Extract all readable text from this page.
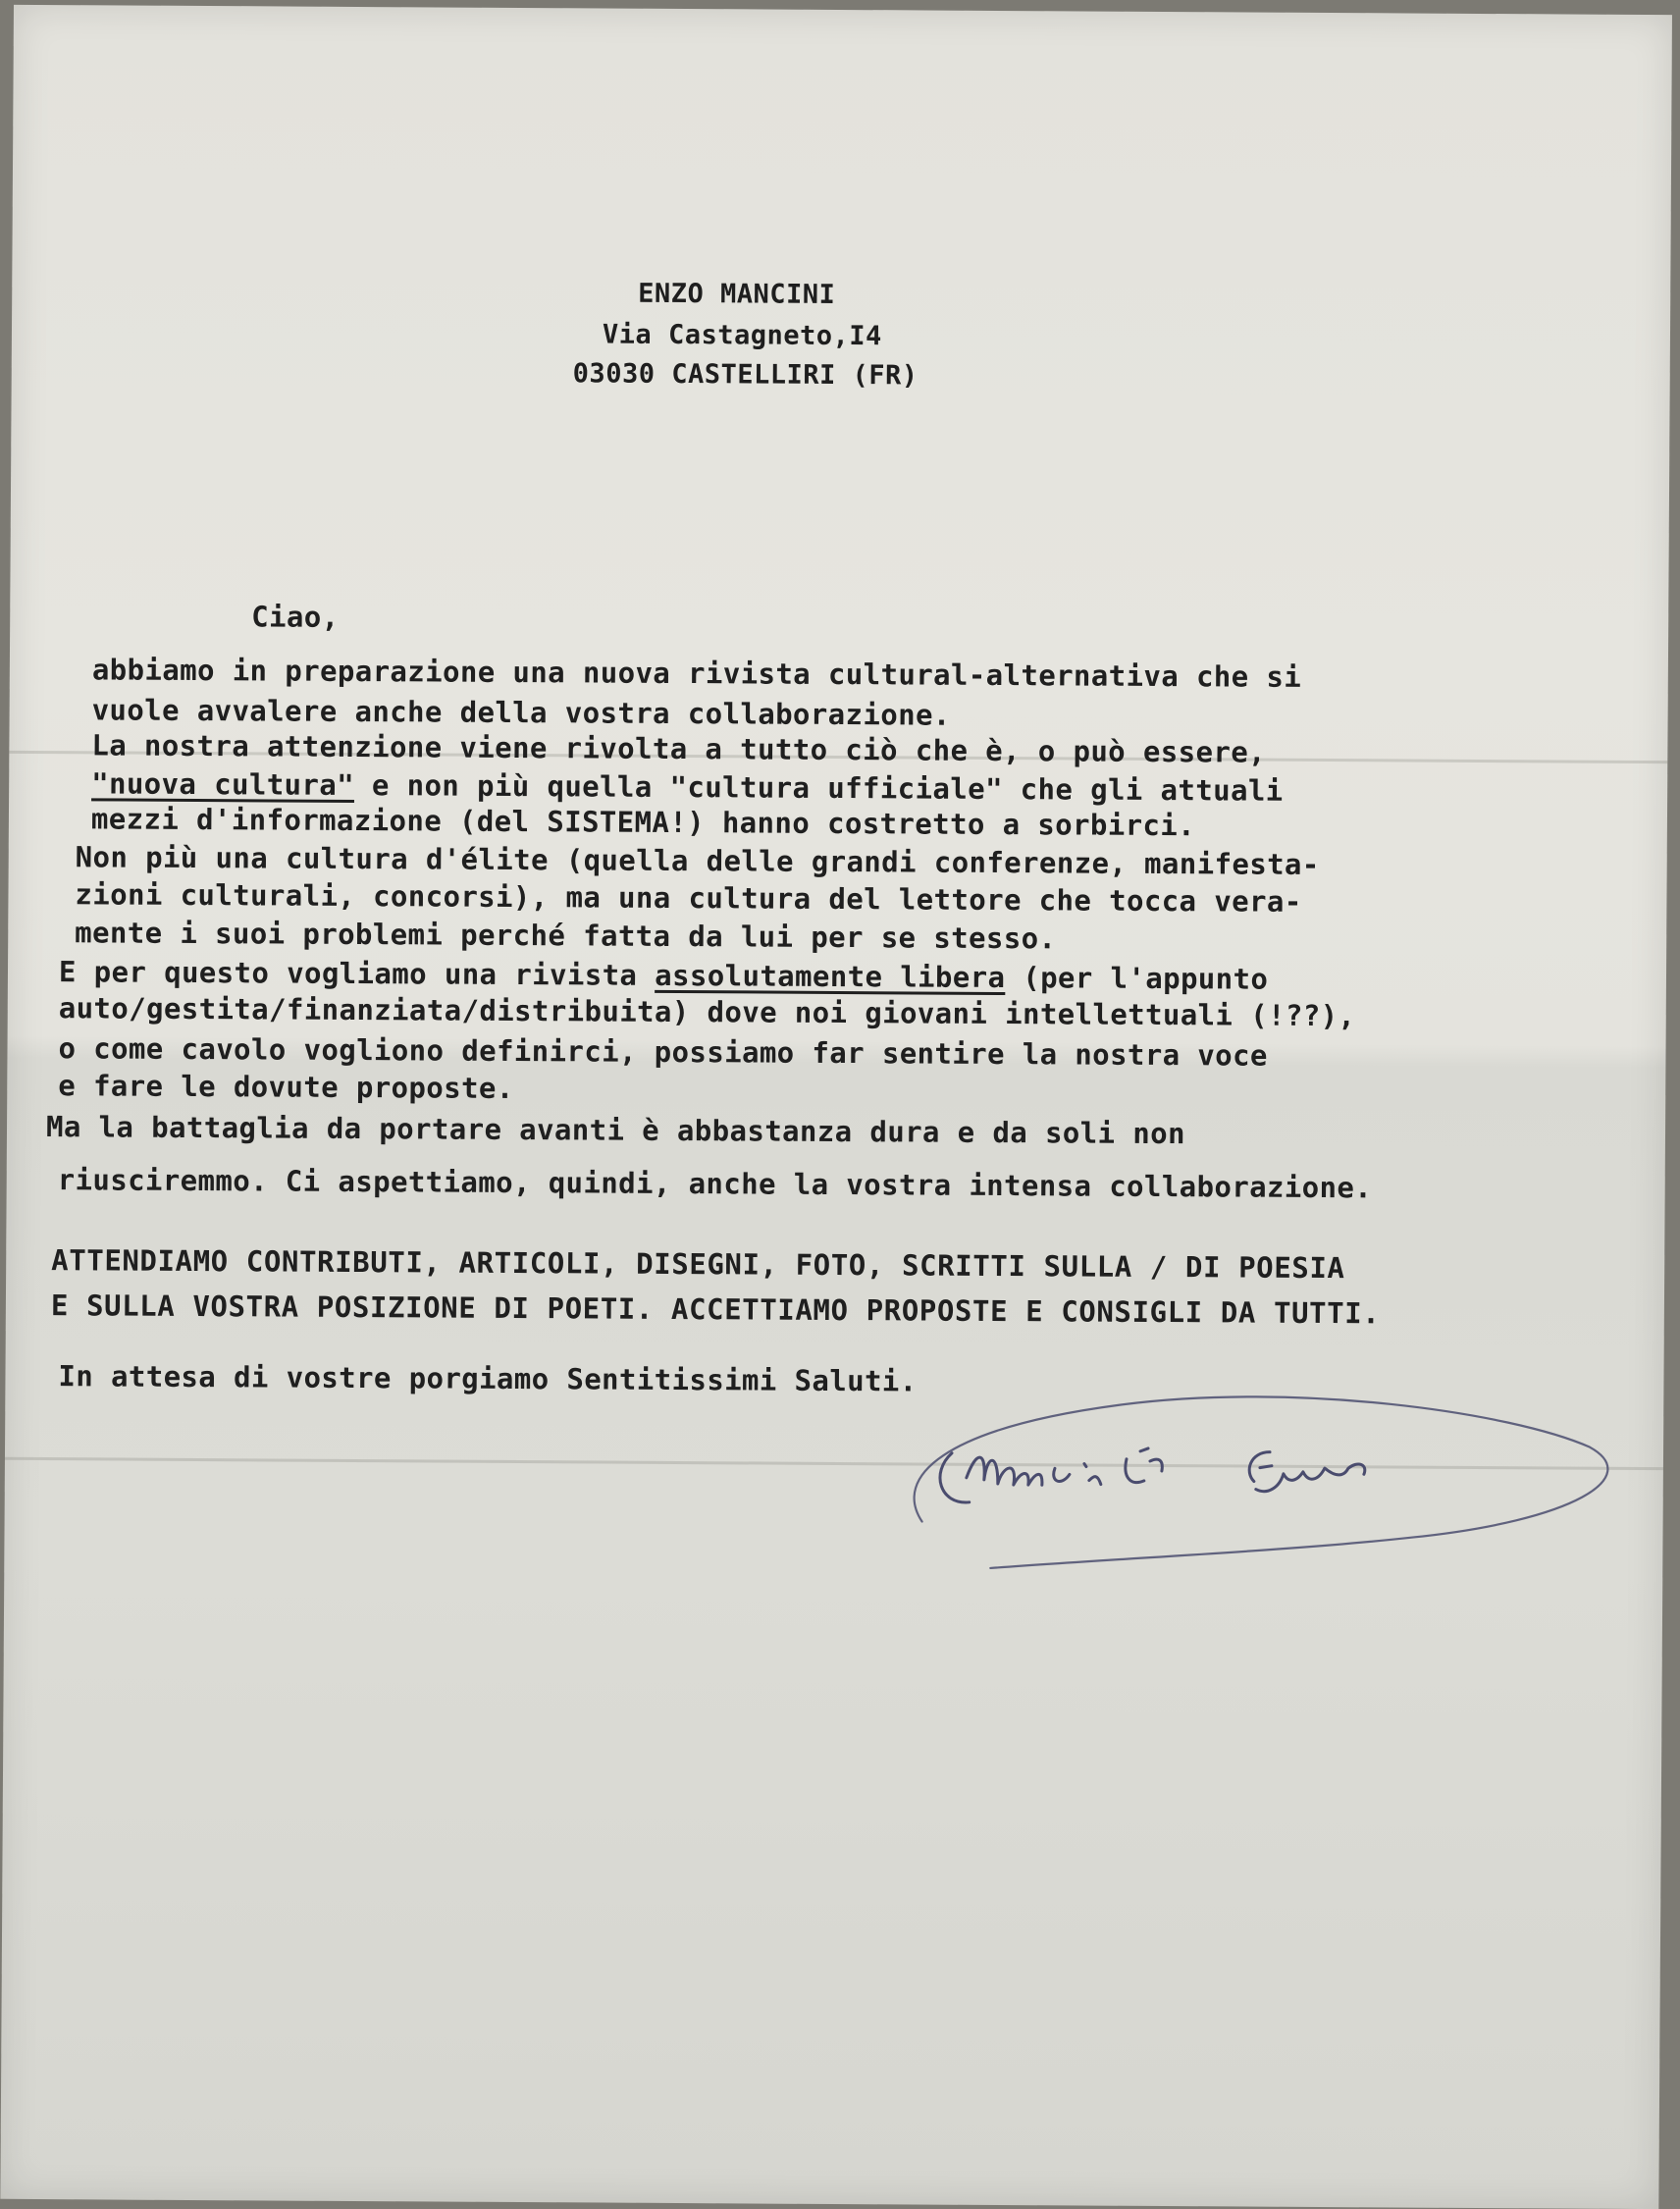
ENZO MANCINI
Via Castagneto,I4
03030 CASTELLIRI (FR)
Ciao,
abbiamo in preparazione una nuova rivista cultural-alternativa che si
vuole avvalere anche della vostra collaborazione.
La nostra attenzione viene rivolta a tutto ciò che è, o può essere,
"nuova cultura" e non più quella "cultura ufficiale" che gli attuali
mezzi d'informazione (del SISTEMA!) hanno costretto a sorbirci.
Non più una cultura d'élite (quella delle grandi conferenze, manifesta-
zioni culturali, concorsi), ma una cultura del lettore che tocca vera-
mente i suoi problemi perché fatta da lui per se stesso.
E per questo vogliamo una rivista assolutamente libera (per l'appunto
auto/gestita/finanziata/distribuita) dove noi giovani intellettuali (!??),
o come cavolo vogliono definirci, possiamo far sentire la nostra voce
e fare le dovute proposte.
Ma la battaglia da portare avanti è abbastanza dura e da soli non
riusciremmo. Ci aspettiamo, quindi, anche la vostra intensa collaborazione.
ATTENDIAMO CONTRIBUTI, ARTICOLI, DISEGNI, FOTO, SCRITTI SULLA / DI POESIA
E SULLA VOSTRA POSIZIONE DI POETI. ACCETTIAMO PROPOSTE E CONSIGLI DA TUTTI.
In attesa di vostre porgiamo Sentitissimi Saluti.
